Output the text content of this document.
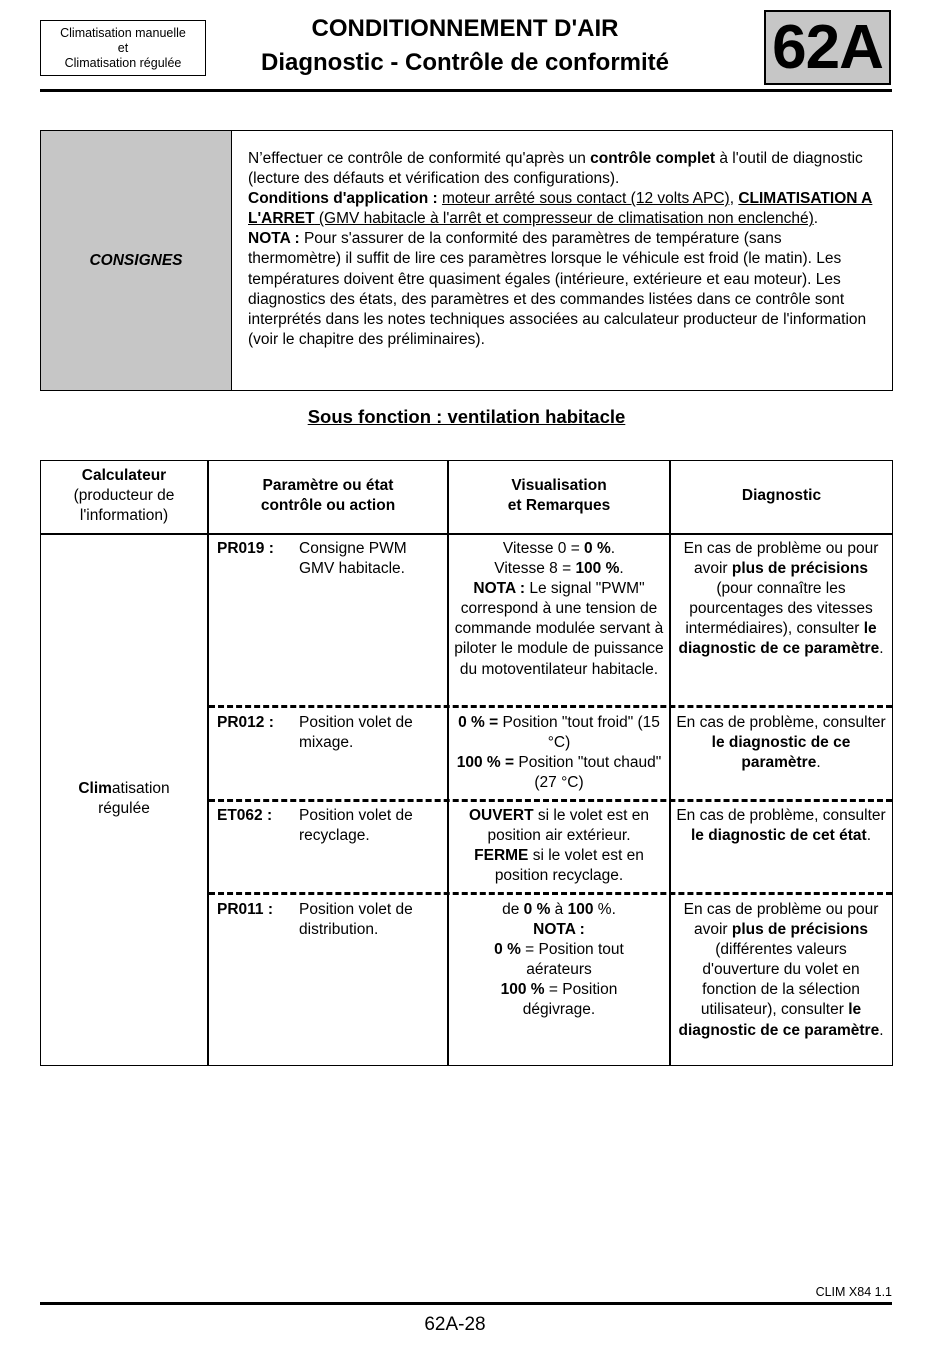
Climatisation manuelle
et
Climatisation régulée
CONDITIONNEMENT D'AIR
Diagnostic - Contrôle de conformité	62A
CONSIGNES
N’effectuer ce contrôle de conformité qu'après un contrôle complet à l'outil de diagnostic (lecture des défauts et vérification des configurations).
Conditions d'application : moteur arrêté sous contact (12 volts APC), CLIMATISATION A L'ARRET (GMV habitacle à l'arrêt et compresseur de climatisation non enclenché).
NOTA : Pour s'assurer de la conformité des paramètres de température (sans thermomètre) il suffit de lire ces paramètres lorsque le véhicule est froid (le matin). Les températures doivent être quasiment égales (intérieure, extérieure et eau moteur). Les diagnostics des états, des paramètres et des commandes listées dans ce contrôle sont interprétés dans les notes techniques associées au calculateur producteur de l'information (voir le chapitre des préliminaires).
Sous fonction : ventilation habitacle
Calculateur
(producteur de l'information)
Paramètre ou état
contrôle ou action
Visualisation
et Remarques
Diagnostic
Climatisation régulée
PR019 : Consigne PWM GMV habitacle.
Vitesse 0 = 0 %.
Vitesse 8 = 100 %.
NOTA : Le signal "PWM" correspond à une tension de commande modulée servant à piloter le module de puissance du motoventilateur habitacle.
En cas de problème ou pour avoir plus de précisions (pour connaître les pourcentages des vitesses intermédiaires), consulter le diagnostic de ce paramètre.
PR012 : Position volet de mixage.
0 % = Position "tout froid" (15 °C)
100 % = Position "tout chaud" (27 °C)
En cas de problème, consulter le diagnostic de ce paramètre.
ET062 : Position volet de recyclage.
OUVERT si le volet est en position air extérieur.
FERME si le volet est en position recyclage.
En cas de problème, consulter le diagnostic de cet état.
PR011 : Position volet de distribution.
de 0 % à 100 %.
NOTA :
0 % = Position tout aérateurs
100 % = Position dégivrage.
En cas de problème ou pour avoir plus de précisions (différentes valeurs d'ouverture du volet en fonction de la sélection utilisateur), consulter le diagnostic de ce paramètre.
CLIM X84 1.1
62A-28
